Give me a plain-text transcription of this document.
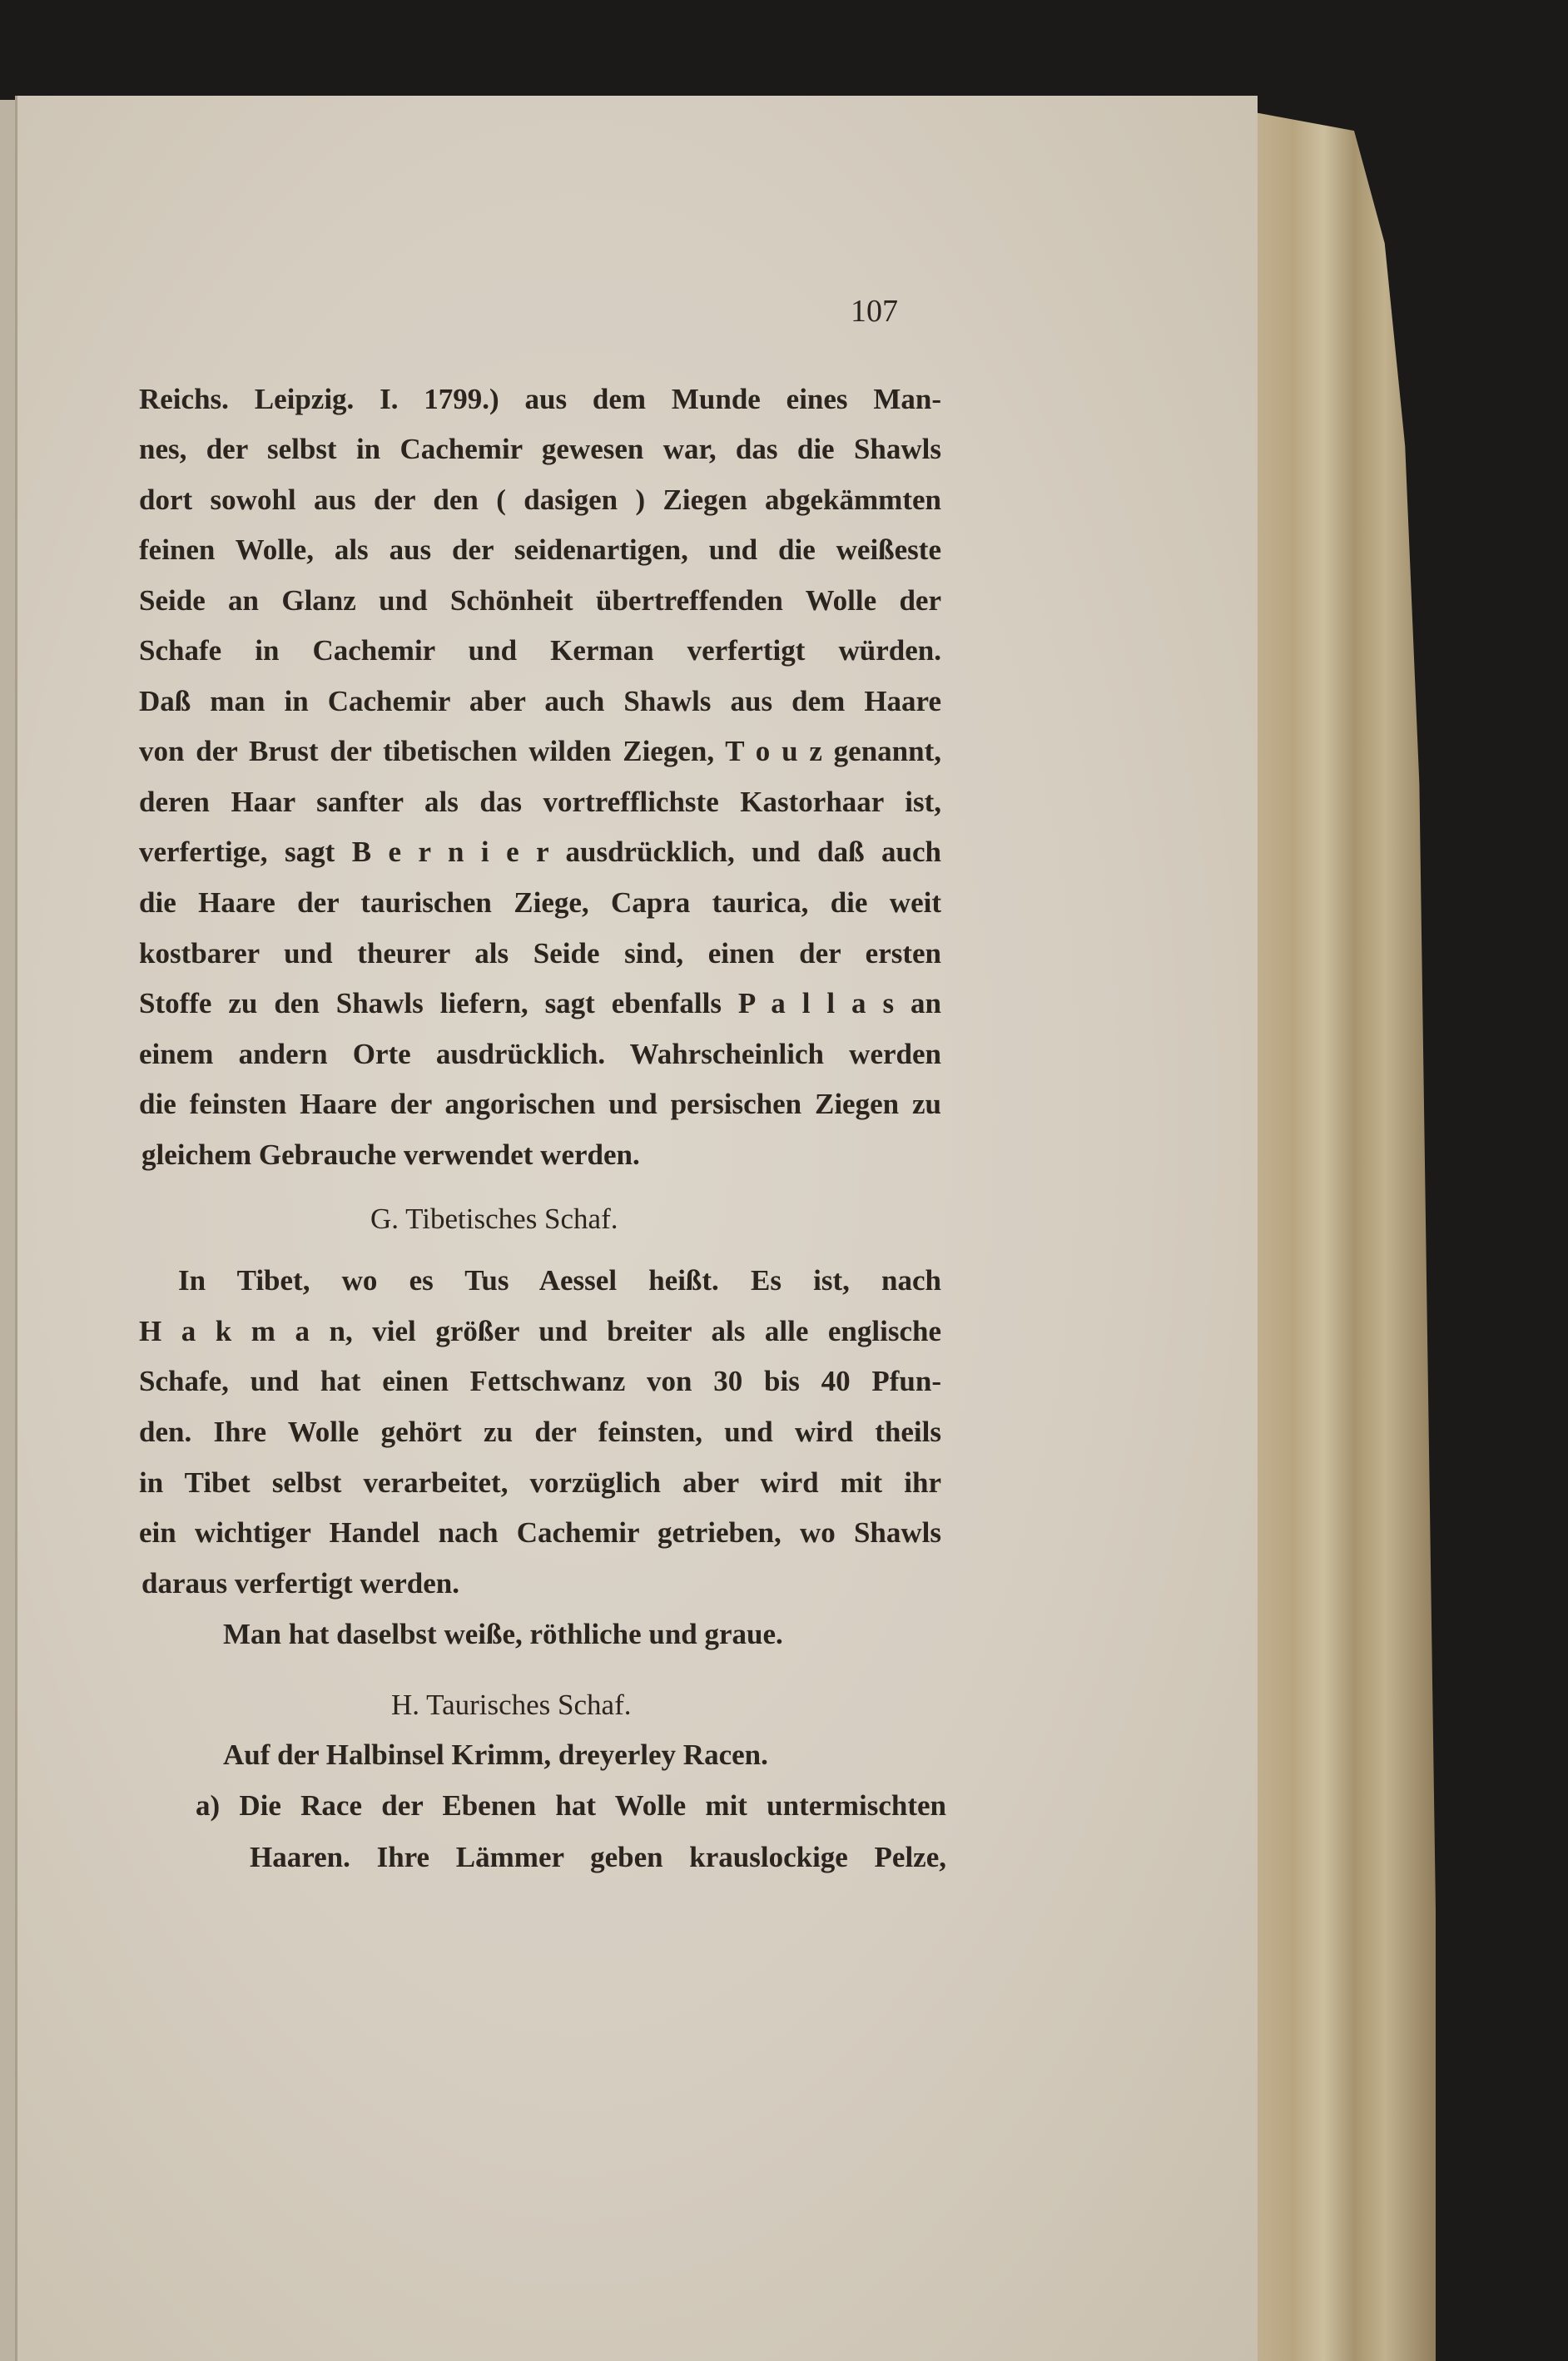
107
Reichs. Leipzig. I. 1799.) aus dem Munde eines Man-
nes, der selbst in Cachemir gewesen war, das die Shawls
dort sowohl aus der den ( dasigen ) Ziegen abgekämmten
feinen Wolle, als aus der seidenartigen, und die weißeste
Seide an Glanz und Schönheit übertreffenden Wolle der
Schafe in Cachemir und Kerman verfertigt würden.
Daß man in Cachemir aber auch Shawls aus dem Haare
von der Brust der tibetischen wilden Ziegen, T o u z genannt,
deren Haar sanfter als das vortrefflichste Kastorhaar ist,
verfertige, sagt B e r n i e r ausdrücklich, und daß auch
die Haare der taurischen Ziege, Capra taurica, die weit
kostbarer und theurer als Seide sind, einen der ersten
Stoffe zu den Shawls liefern, sagt ebenfalls P a l l a s an
einem andern Orte ausdrücklich. Wahrscheinlich werden
die feinsten Haare der angorischen und persischen Ziegen zu
gleichem Gebrauche verwendet werden.
G. Tibetisches Schaf.
In Tibet, wo es Tus Aessel heißt. Es ist, nach
H a k m a n, viel größer und breiter als alle englische
Schafe, und hat einen Fettschwanz von 30 bis 40 Pfun-
den. Ihre Wolle gehört zu der feinsten, und wird theils
in Tibet selbst verarbeitet, vorzüglich aber wird mit ihr
ein wichtiger Handel nach Cachemir getrieben, wo Shawls
daraus verfertigt werden.
Man hat daselbst weiße, röthliche und graue.
H. Taurisches Schaf.
Auf der Halbinsel Krimm, dreyerley Racen.
a) Die Race der Ebenen hat Wolle mit untermischten
Haaren. Ihre Lämmer geben krauslockige Pelze,
